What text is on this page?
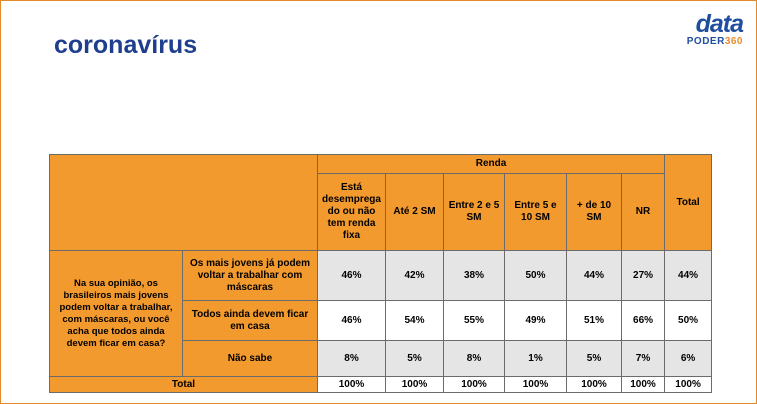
coronavírus
data
PODER360
		Renda						Total
		Está desemprega do ou não tem renda fixa	Até 2 SM	Entre 2 e 5 SM	Entre 5 e 10 SM	+ de 10 SM	NR	
Na sua opinião, os brasileiros mais jovens podem voltar a trabalhar, com máscaras, ou você acha que todos ainda devem ficar em casa?	Os mais jovens já podem voltar a trabalhar com máscaras	46%	42%	38%	50%	44%	27%	44%
	Todos ainda devem ficar em casa	46%	54%	55%	49%	51%	66%	50%
	Não sabe	8%	5%	8%	1%	5%	7%	6%
Total		100%	100%	100%	100%	100%	100%	100%
